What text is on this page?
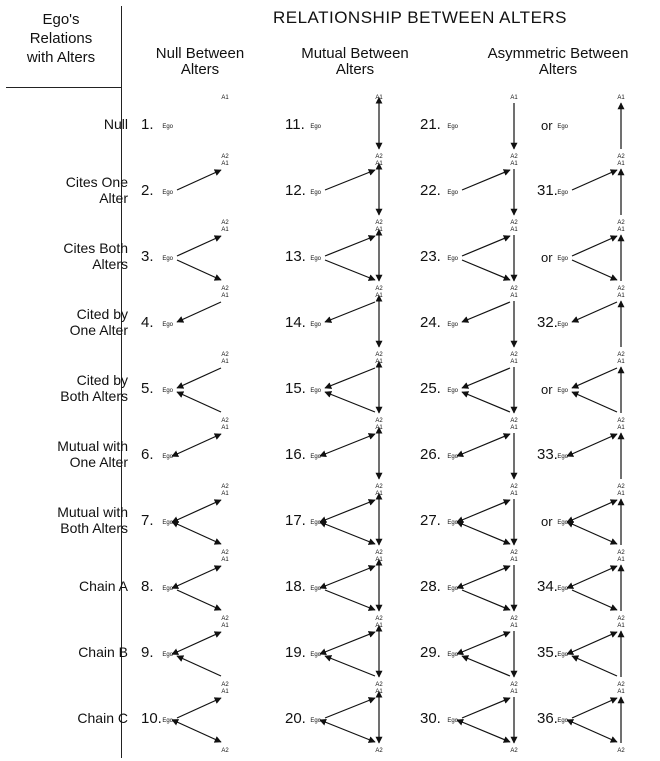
Ego's
Relations
with Alters
RELATIONSHIP BETWEEN ALTERS
Null Between
Alters
Mutual Between
Alters
Asymmetric Between
Alters
Null 1.	11.	21.	or
Cites One
Alter 2.	12.	22.	31.
Cites Both
Alters 3.	13.	23.	or
Cited by
One Alter 4.	14.	24.	32.
Cited by
Both Alters 5.	15.	25.	or
Mutual with
One Alter 6.	16.	26.	33.
Mutual with
Both Alters 7.	17.	27.	or
Chain A 8.	18.	28.	34.
Chain B 9.	19.	29.	35.
Chain C 10.	20.	30.	36.
Ego
A1
A2
Ego
A1
A2
Ego
A1
A2
Ego
A1
A2
Ego
A1
A2
Ego
A1
A2
Ego
A1
A2
Ego
A1
A2
Ego
A1
A2
Ego
A1
A2
Ego
A1
A2
Ego
A1
A2
Ego
A1
A2
Ego
A1
A2
Ego
A1
A2
Ego
A1
A2
Ego
A1
A2
Ego
A1
A2
Ego
A1
A2
Ego
A1
A2
Ego
A1
A2
Ego
A1
A2
Ego
A1
A2
Ego
A1
A2
Ego
A1
A2
Ego
A1
A2
Ego
A1
A2
Ego
A1
A2
Ego
A1
A2
Ego
A1
A2
Ego
A1
A2
Ego
A1
A2
Ego
A1
A2
Ego
A1
A2
Ego
A1
A2
Ego
A1
A2
Ego
A1
A2
Ego
A1
A2
Ego
A1
A2
Ego
A1
A2
